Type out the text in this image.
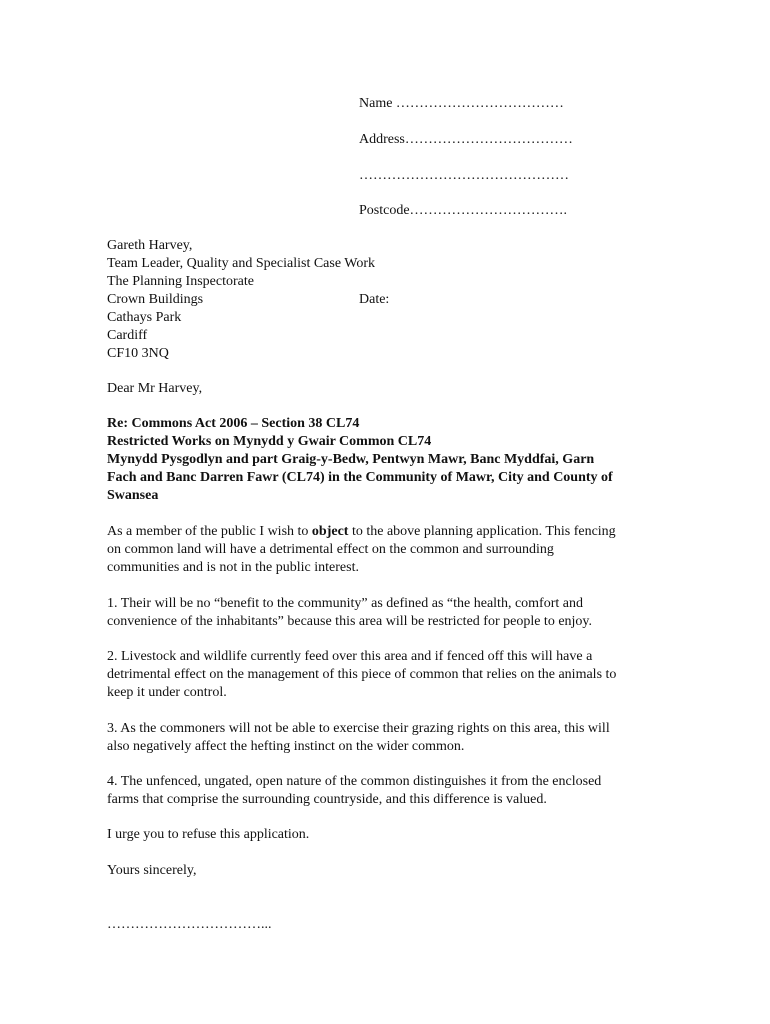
Name ………………………………
Address………………………………
………………………………………
Postcode…………………………….
Gareth Harvey,
Team Leader, Quality and Specialist Case Work
The Planning Inspectorate
Crown Buildings
Cathays Park
Cardiff
CF10 3NQ
Date:
Dear Mr Harvey,
Re: Commons Act 2006 – Section 38 CL74
Restricted Works on Mynydd y Gwair Common CL74
Mynydd Pysgodlyn and part Graig-y-Bedw, Pentwyn Mawr, Banc Myddfai, Garn
Fach and Banc Darren Fawr (CL74) in the Community of Mawr, City and County of
Swansea
As a member of the public I wish to object to the above planning application. This fencing
on common land will have a detrimental effect on the common and surrounding
communities and is not in the public interest.
1. Their will be no “benefit to the community” as defined as “the health, comfort and
convenience of the inhabitants” because this area will be restricted for people to enjoy.
2. Livestock and wildlife currently feed over this area and if fenced off this will have a
detrimental effect on the management of this piece of common that relies on the animals to
keep it under control.
3. As the commoners will not be able to exercise their grazing rights on this area, this will
also negatively affect the hefting instinct on the wider common.
4. The unfenced, ungated, open nature of the common distinguishes it from the enclosed
farms that comprise the surrounding countryside, and this difference is valued.
I urge you to refuse this application.
Yours sincerely,
……………………………...
